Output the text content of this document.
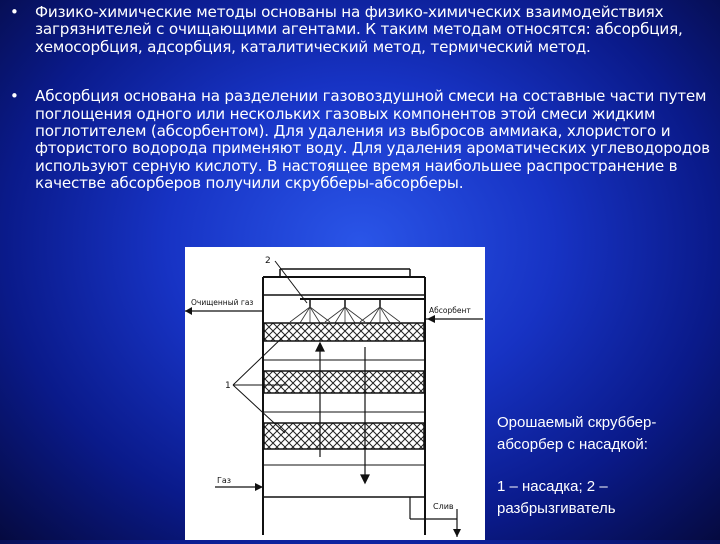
• Физико-химические методы основаны на физико-химических взаимодействиях загрязнителей с очищающими агентами. К таким методам относятся: абсорбция, хемосорбция, адсорбция, каталитический метод, термический метод.
• Абсорбция основана на разделении газовоздушной смеси на составные части путем поглощения одного или нескольких газовых компонентов этой смеси жидким поглотителем (абсорбентом). Для удаления из выбросов аммиака, хлористого и фтористого водорода применяют воду. Для удаления ароматических углеводородов используют серную кислоту. В настоящее время наибольшее распространение в качестве абсорберов получили скрубберы-абсорберы.
2
1
Очищенный газ
Абсорбент
Газ
Слив
Орошаемый скруббер-абсорбер с насадкой:
1 – насадка; 2 – разбрызгиватель
